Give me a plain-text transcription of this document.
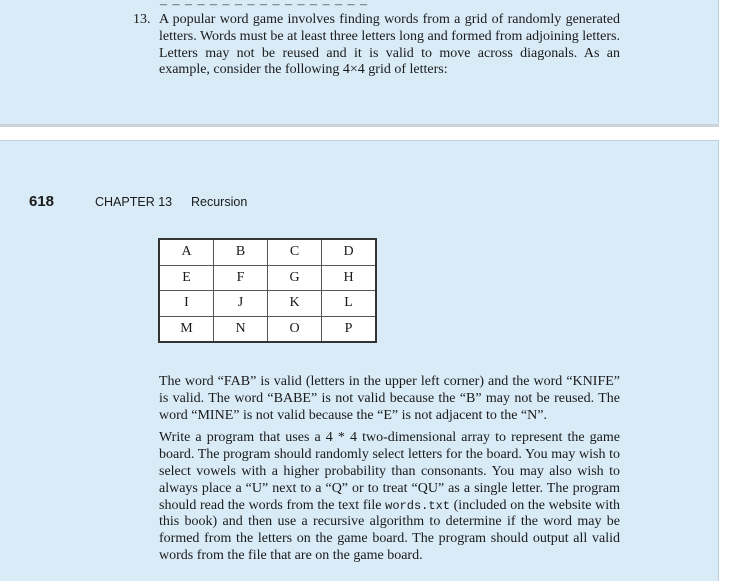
‒ ‒ ‒ ‒ ‒ ‒ ‒ ‒ ‒ ‒ ‒ ‒ ‒ ‒ ‒ ‒ ‒
13. A popular word game involves finding words from a grid of randomly generated letters. Words must be at least three letters long and formed from adjoining letters. Letters may not be reused and it is valid to move across diagonals. As an example, consider the following 4×4 grid of letters:
618	CHAPTER 13 Recursion
A	B	C	D
E	F	G	H
I	J	K	L
M	N	O	P

The word “FAB” is valid (letters in the upper left corner) and the word “KNIFE” is valid. The word “BABE” is not valid because the “B” may not be reused. The word “MINE” is not valid because the “E” is not adjacent to the “N”.

Write a program that uses a 4 * 4 two-dimensional array to represent the game board. The program should randomly select letters for the board. You may wish to select vowels with a higher probability than consonants. You may also wish to always place a “U” next to a “Q” or to treat “QU” as a single letter. The program should read the words from the text file words.txt (included on the website with this book) and then use a recursive algorithm to determine if the word may be formed from the letters on the game board. The program should output all valid words from the file that are on the game board.
